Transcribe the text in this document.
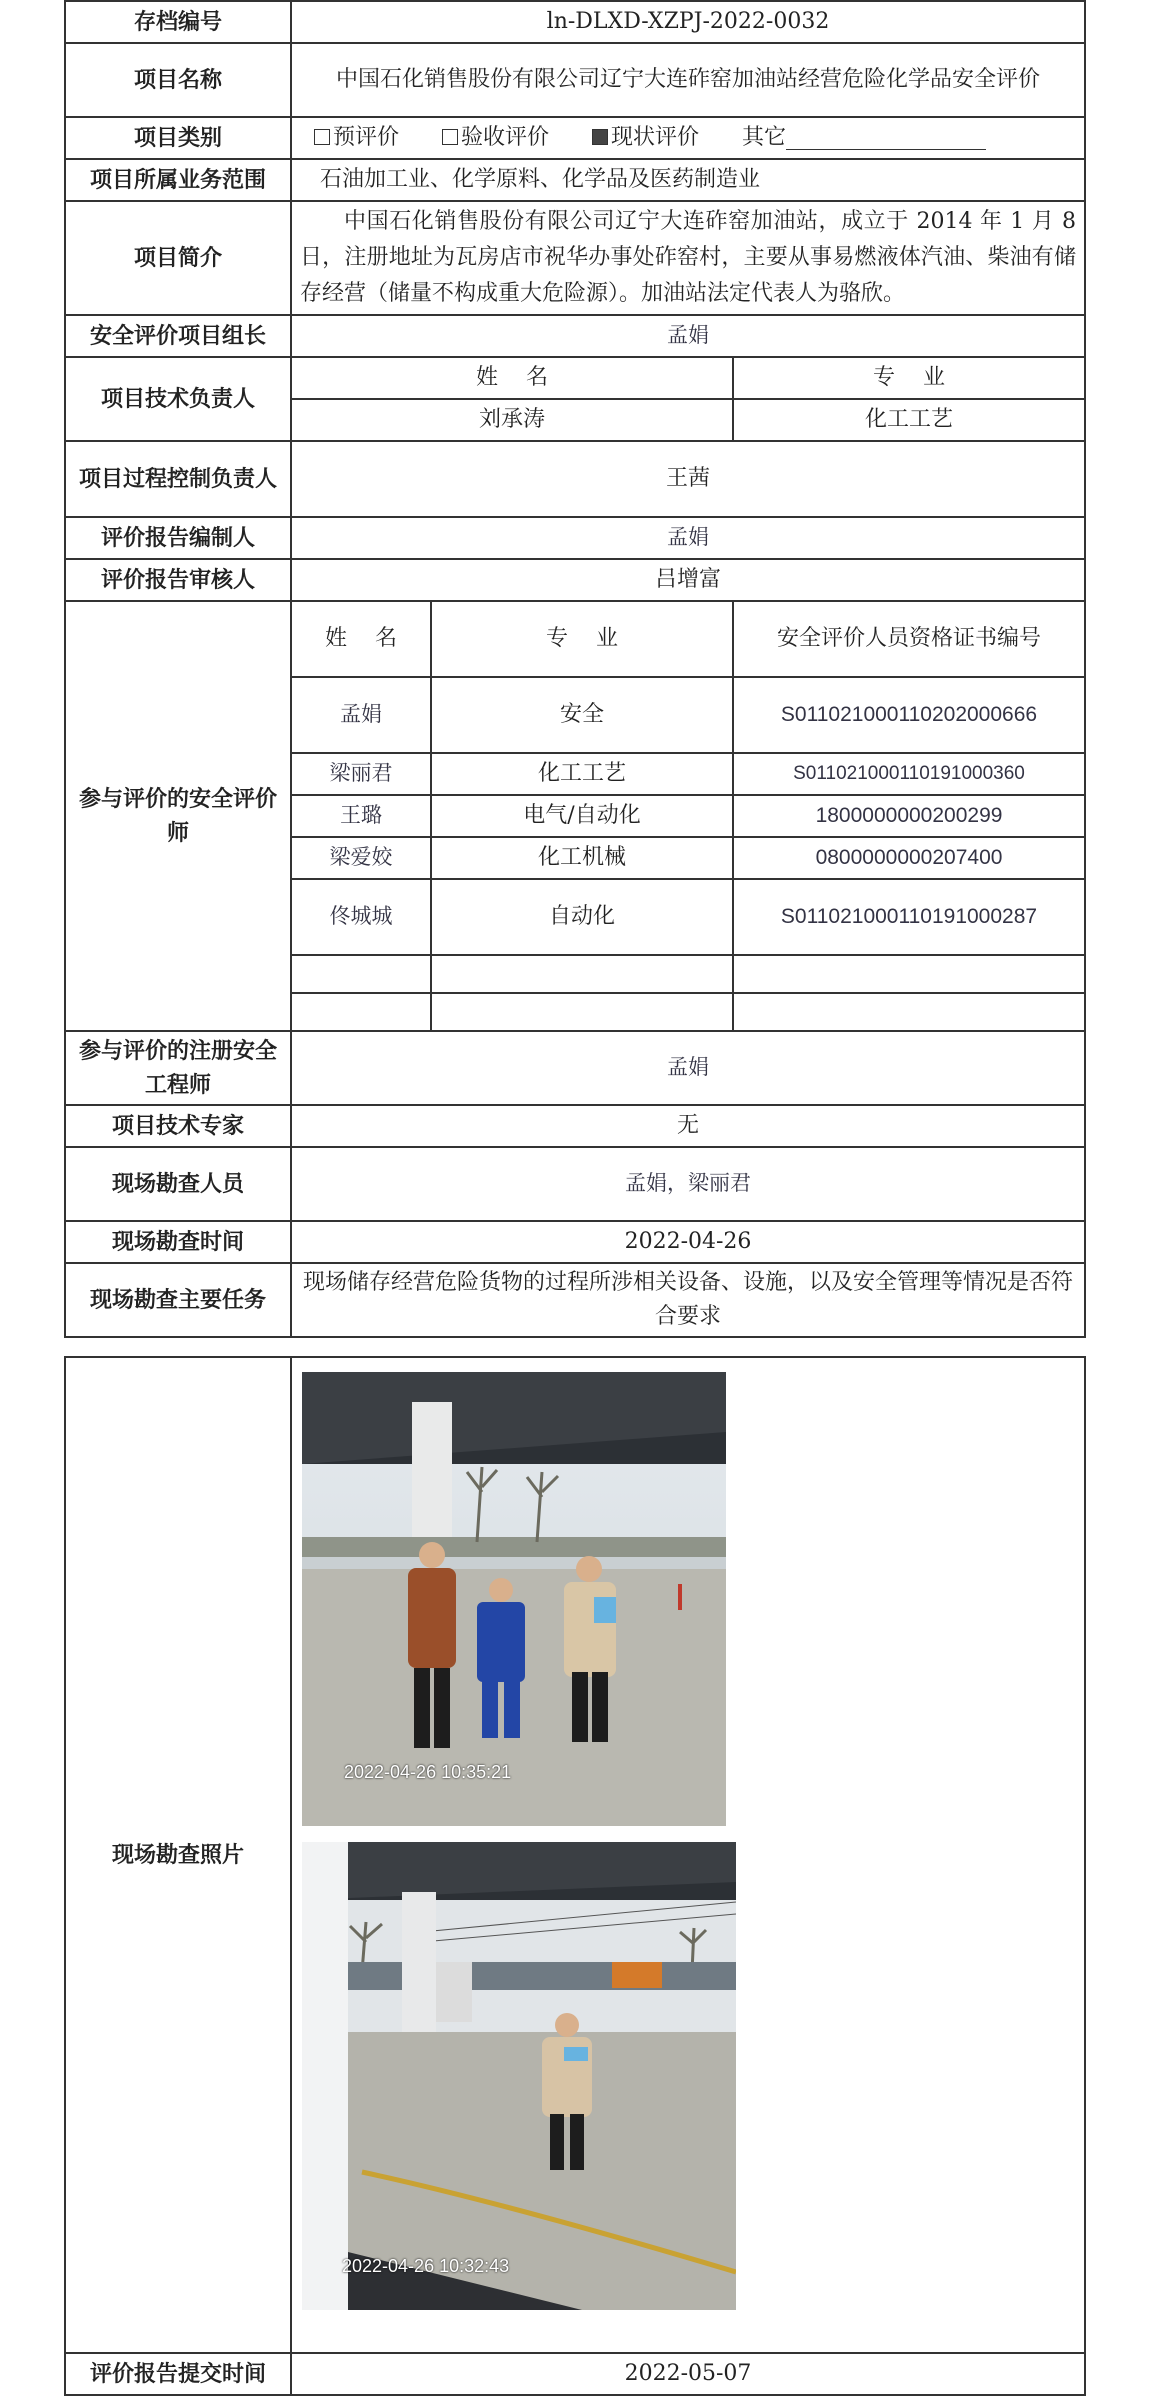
存档编号	ln-DLXD-XZPJ-2022-0032		
项目名称	中国石化销售股份有限公司辽宁大连砟窑加油站经营危险化学品安全评价		
项目类别	预评价 验收评价 现状评价 其它		
项目所属业务范围	石油加工业、化学原料、化学品及医药制造业		
项目简介	中国石化销售股份有限公司辽宁大连砟窑加油站，成立于 2014 年 1 月 8 日，注册地址为瓦房店市祝华办事处砟窑村，主要从事易燃液体汽油、柴油有储存经营（储量不构成重大危险源）。加油站法定代表人为骆欣。		
安全评价项目组长	孟娟		
项目技术负责人	姓    名		专    业
	刘承涛		化工工艺
项目过程控制负责人	王茜		
评价报告编制人	孟娟		
评价报告审核人	吕增富		
参与评价的安全评价师	姓    名	专    业	安全评价人员资格证书编号
	孟娟	安全	S011021000110202000666
	梁丽君	化工工艺	S011021000110191000360
	王璐	电气/自动化	1800000000200299
	梁爱姣	化工机械	0800000000207400
	佟城城	自动化	S011021000110191000287

参与评价的注册安全工程师	孟娟		
项目技术专家	无		
现场勘查人员	孟娟，梁丽君		
现场勘查时间	2022-04-26		
现场勘查主要任务	现场储存经营危险货物的过程所涉相关设备、设施，以及安全管理等情况是否符合要求		
现场勘查照片	2022-04-26 10:35:21
2022-04-26 10:32:43

评价报告提交时间	2022-05-07
